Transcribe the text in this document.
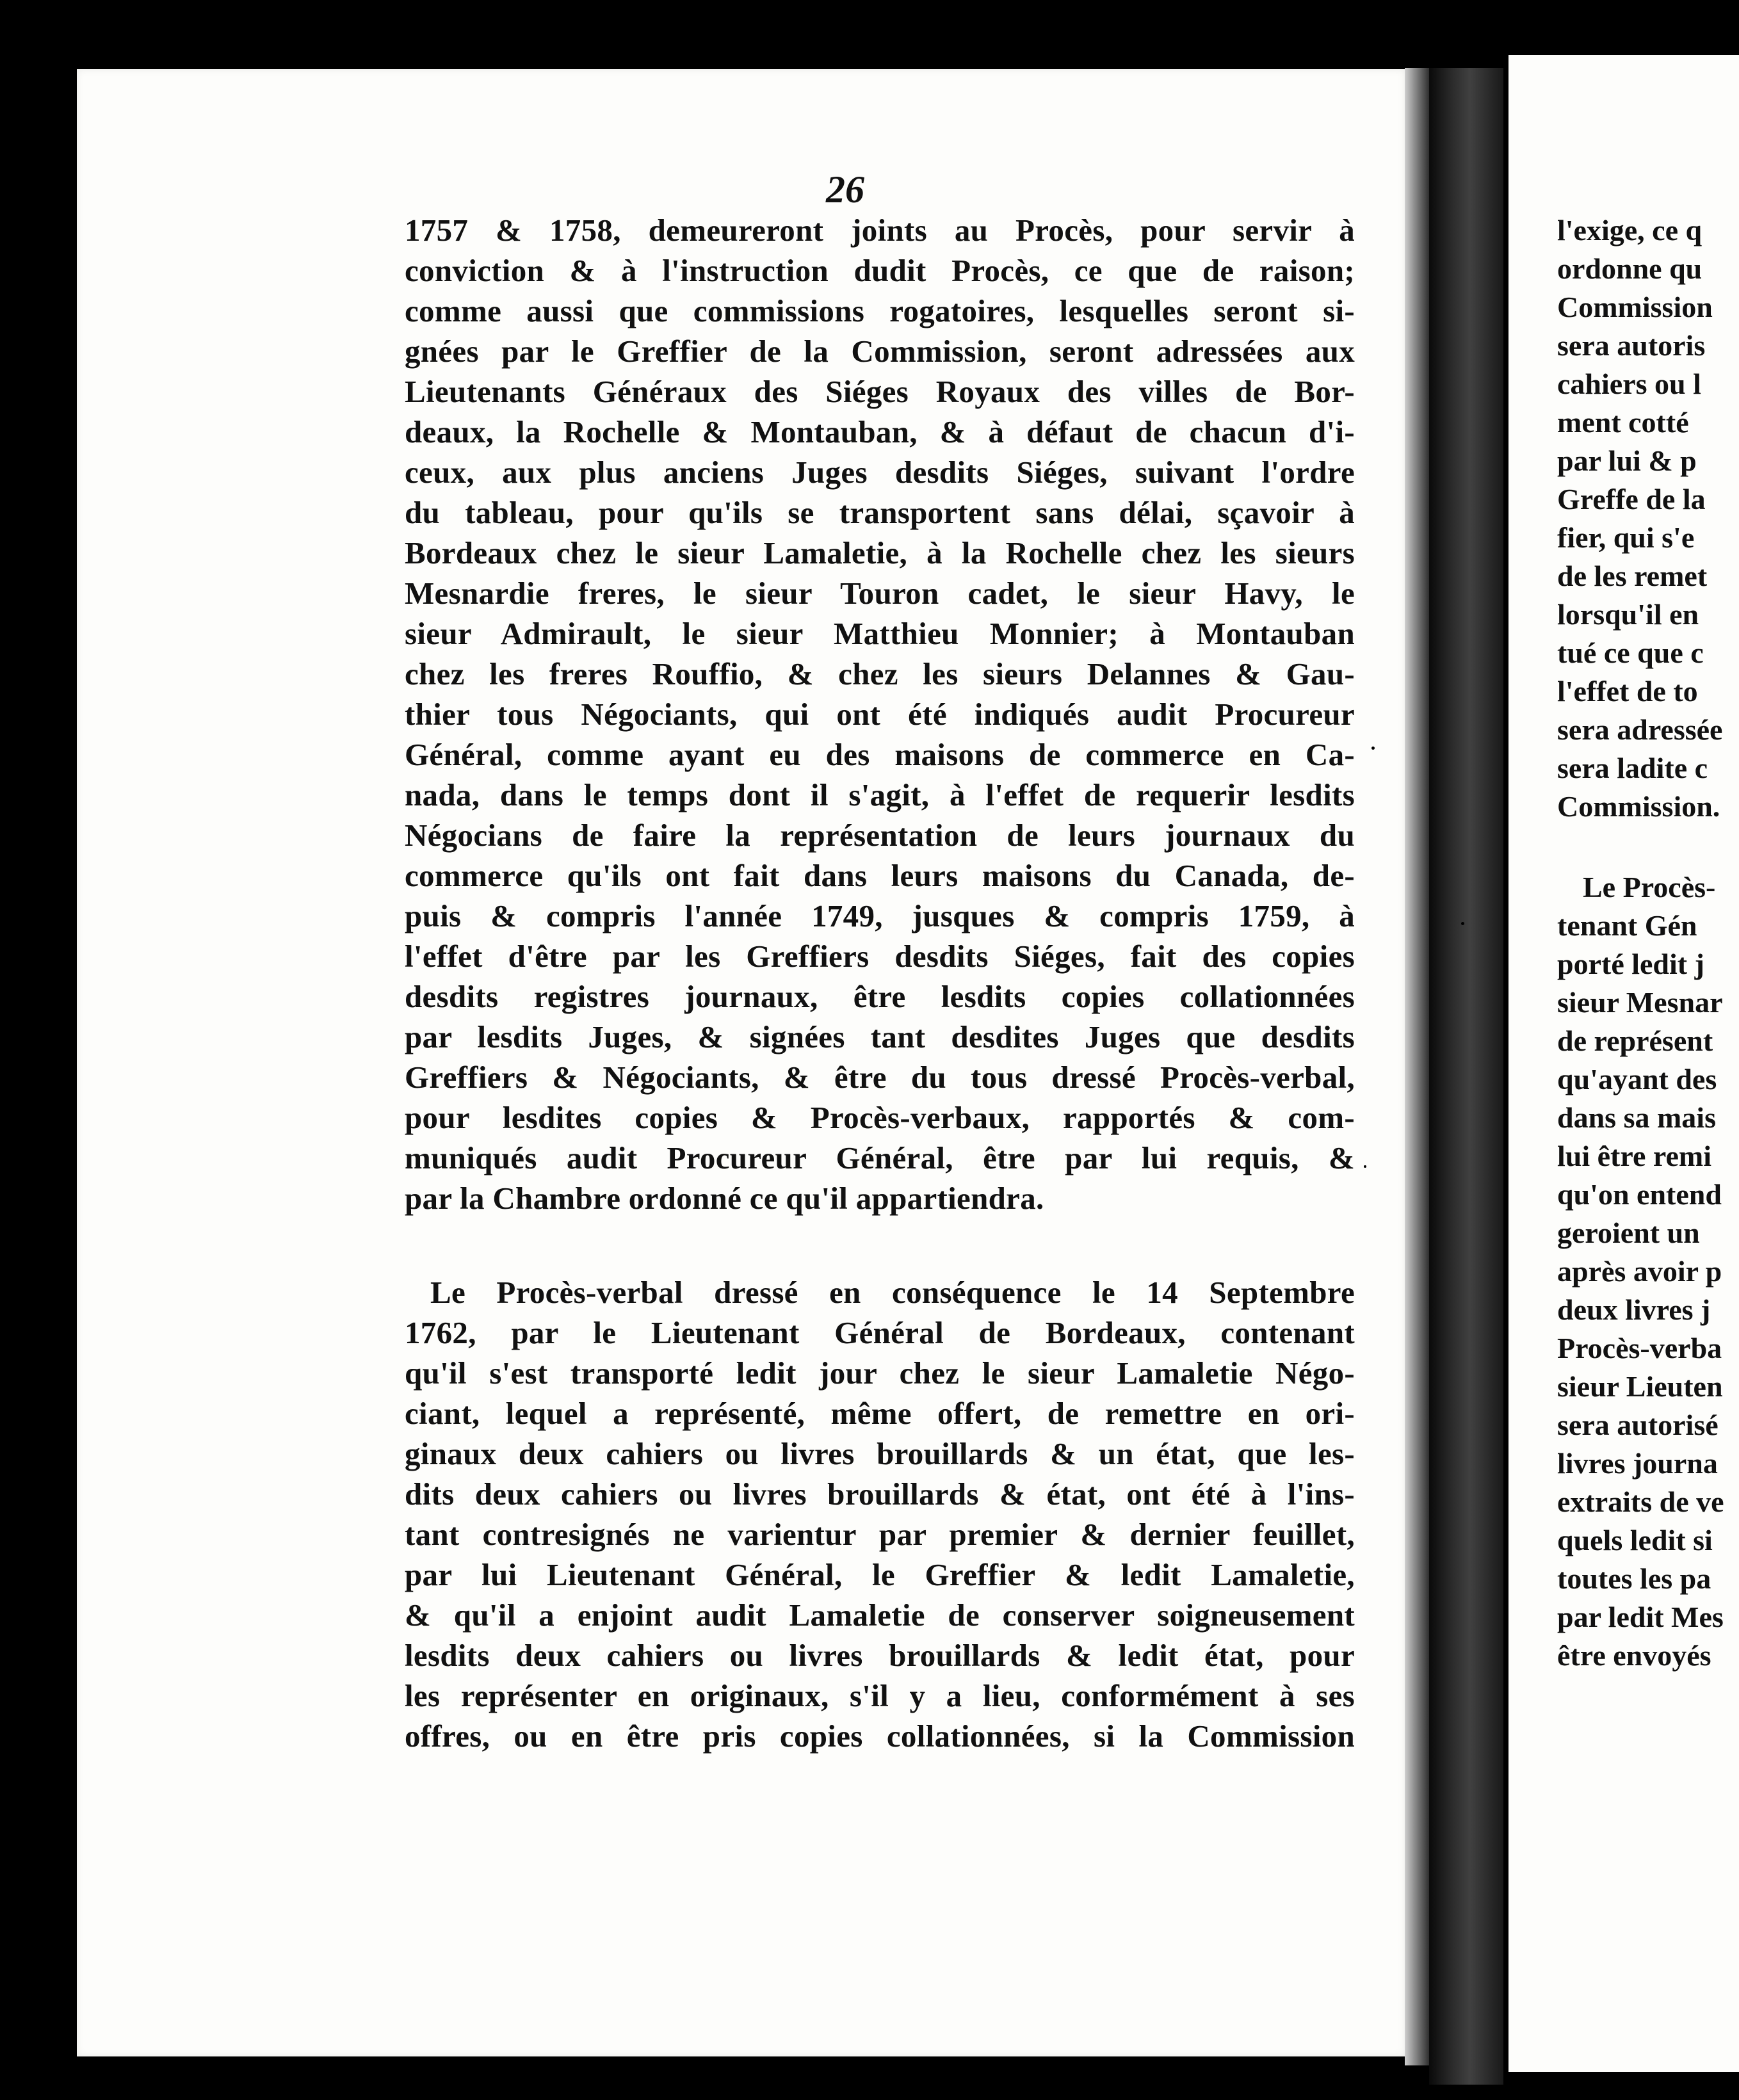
26
1757 & 1758, demeureront joints au Procès, pour servir à
conviction & à l'instruction dudit Procès, ce que de raison;
comme aussi que commissions rogatoires, lesquelles seront si-
gnées par le Greffier de la Commission, seront adressées aux
Lieutenants Généraux des Siéges Royaux des villes de Bor-
deaux, la Rochelle & Montauban, & à défaut de chacun d'i-
ceux, aux plus anciens Juges desdits Siéges, suivant l'ordre
du tableau, pour qu'ils se transportent sans délai, sçavoir à
Bordeaux chez le sieur Lamaletie, à la Rochelle chez les sieurs
Mesnardie freres, le sieur Touron cadet, le sieur Havy, le
sieur Admirault, le sieur Matthieu Monnier; à Montauban
chez les freres Rouffio, & chez les sieurs Delannes & Gau-
thier tous Négociants, qui ont été indiqués audit Procureur
Général, comme ayant eu des maisons de commerce en Ca-
nada, dans le temps dont il s'agit, à l'effet de requerir lesdits
Négocians de faire la représentation de leurs journaux du
commerce qu'ils ont fait dans leurs maisons du Canada, de-
puis & compris l'année 1749, jusques & compris 1759, à
l'effet d'être par les Greffiers desdits Siéges, fait des copies
desdits registres journaux, être lesdits copies collationnées
par lesdits Juges, & signées tant desdites Juges que desdits
Greffiers & Négociants, & être du tous dressé Procès-verbal,
pour lesdites copies & Procès-verbaux, rapportés & com-
muniqués audit Procureur Général, être par lui requis, &
par la Chambre ordonné ce qu'il appartiendra.
Le Procès-verbal dressé en conséquence le 14 Septembre
1762, par le Lieutenant Général de Bordeaux, contenant
qu'il s'est transporté ledit jour chez le sieur Lamaletie Négo-
ciant, lequel a représenté, même offert, de remettre en ori-
ginaux deux cahiers ou livres brouillards & un état, que les-
dits deux cahiers ou livres brouillards & état, ont été à l'ins-
tant contresignés ne varientur par premier & dernier feuillet,
par lui Lieutenant Général, le Greffier & ledit Lamaletie,
& qu'il a enjoint audit Lamaletie de conserver soigneusement
lesdits deux cahiers ou livres brouillards & ledit état, pour
les représenter en originaux, s'il y a lieu, conformément à ses
offres, ou en être pris copies collationnées, si la Commission
l'exige, ce q
ordonne qu
Commission
sera autoris
cahiers ou l
ment cotté
par lui & p
Greffe de la
fier, qui s'e
de les remet
lorsqu'il en
tué ce que c
l'effet de to
sera adressée
sera ladite c
Commission.
Le Procès-
tenant Gén
porté ledit j
sieur Mesnar
de représent
qu'ayant des
dans sa mais
lui être remi
qu'on entend
geroient un
après avoir p
deux livres j
Procès-verba
sieur Lieuten
sera autorisé
livres journa
extraits de ve
quels ledit si
toutes les pa
par ledit Mes
être envoyés
